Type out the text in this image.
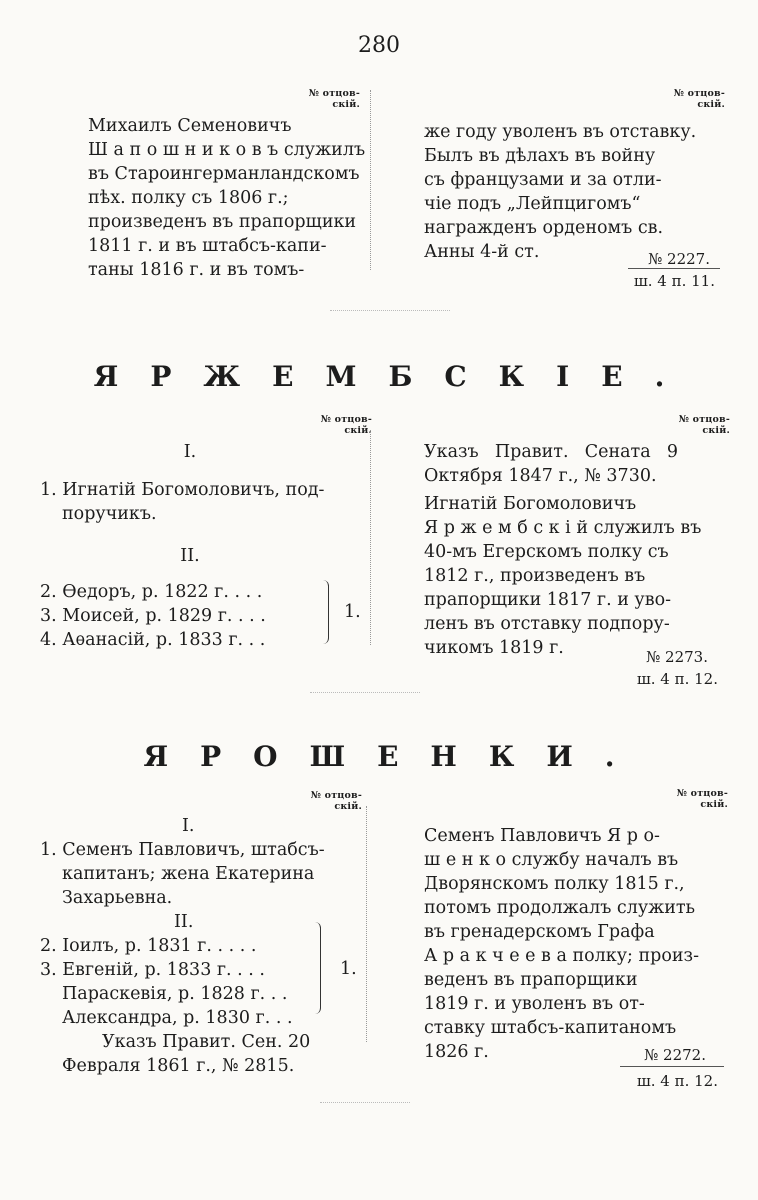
280
№ отцов-
скій.
№ отцов-
скій.
Михаилъ Семеновичъ
Ш а п о ш н и к о в ъ служилъ
въ Староингерманландскомъ
пѣх. полку съ 1806 г.;
произведенъ въ прапорщики
1811 г. и въ штабсъ-капи-
таны 1816 г. и въ томъ-
же году уволенъ въ отставку.
Былъ въ дѣлахъ въ войну
съ французами и за отли-
чіе подъ „Лейпцигомъ“
награжденъ орденомъ св.
Анны 4-й ст.	№ 2227.
ш. 4 п. 11.
ЯРЖЕМБСКІЕ.
№ отцов-
скій.
№ отцов-
скій.
I.
1. Игнатій Богомоловичъ, под-
поручикъ.
II.
2. Ѳедоръ, р. 1822 г. . . .
3. Моисей, р. 1829 г. . . .
4. Аѳанасій, р. 1833 г. . .
1.
Указъ Правит. Сената 9 Октября 1847 г., № 3730.
Игнатій Богомоловичъ
Я р ж е м б с к і й служилъ въ
40-мъ Егерскомъ полку съ
1812 г., произведенъ въ
прапорщики 1817 г. и уво-
ленъ въ отставку подпору-
чикомъ 1819 г.	№ 2273.
ш. 4 п. 12.
ЯРОШЕНКИ.
№ отцов-
скій.
№ отцов-
скій.
I.
1. Семенъ Павловичъ, штабсъ-
капитанъ; жена Екатерина
Захарьевна.
II.
2. Іоилъ, р. 1831 г. . . . .
3. Евгеній, р. 1833 г. . . .
Параскевія, р. 1828 г. . .
Александра, р. 1830 г. . .
Указъ Правит. Сен. 20
Февраля 1861 г., № 2815.
1.
Семенъ Павловичъ Я р о-
ш е н к о службу началъ въ
Дворянскомъ полку 1815 г.,
потомъ продолжалъ служить
въ гренадерскомъ Графа
А р а к ч е е в а полку; произ-
веденъ въ прапорщики
1819 г. и уволенъ въ от-
ставку штабсъ-капитаномъ
1826 г.	№ 2272.
ш. 4 п. 12.
